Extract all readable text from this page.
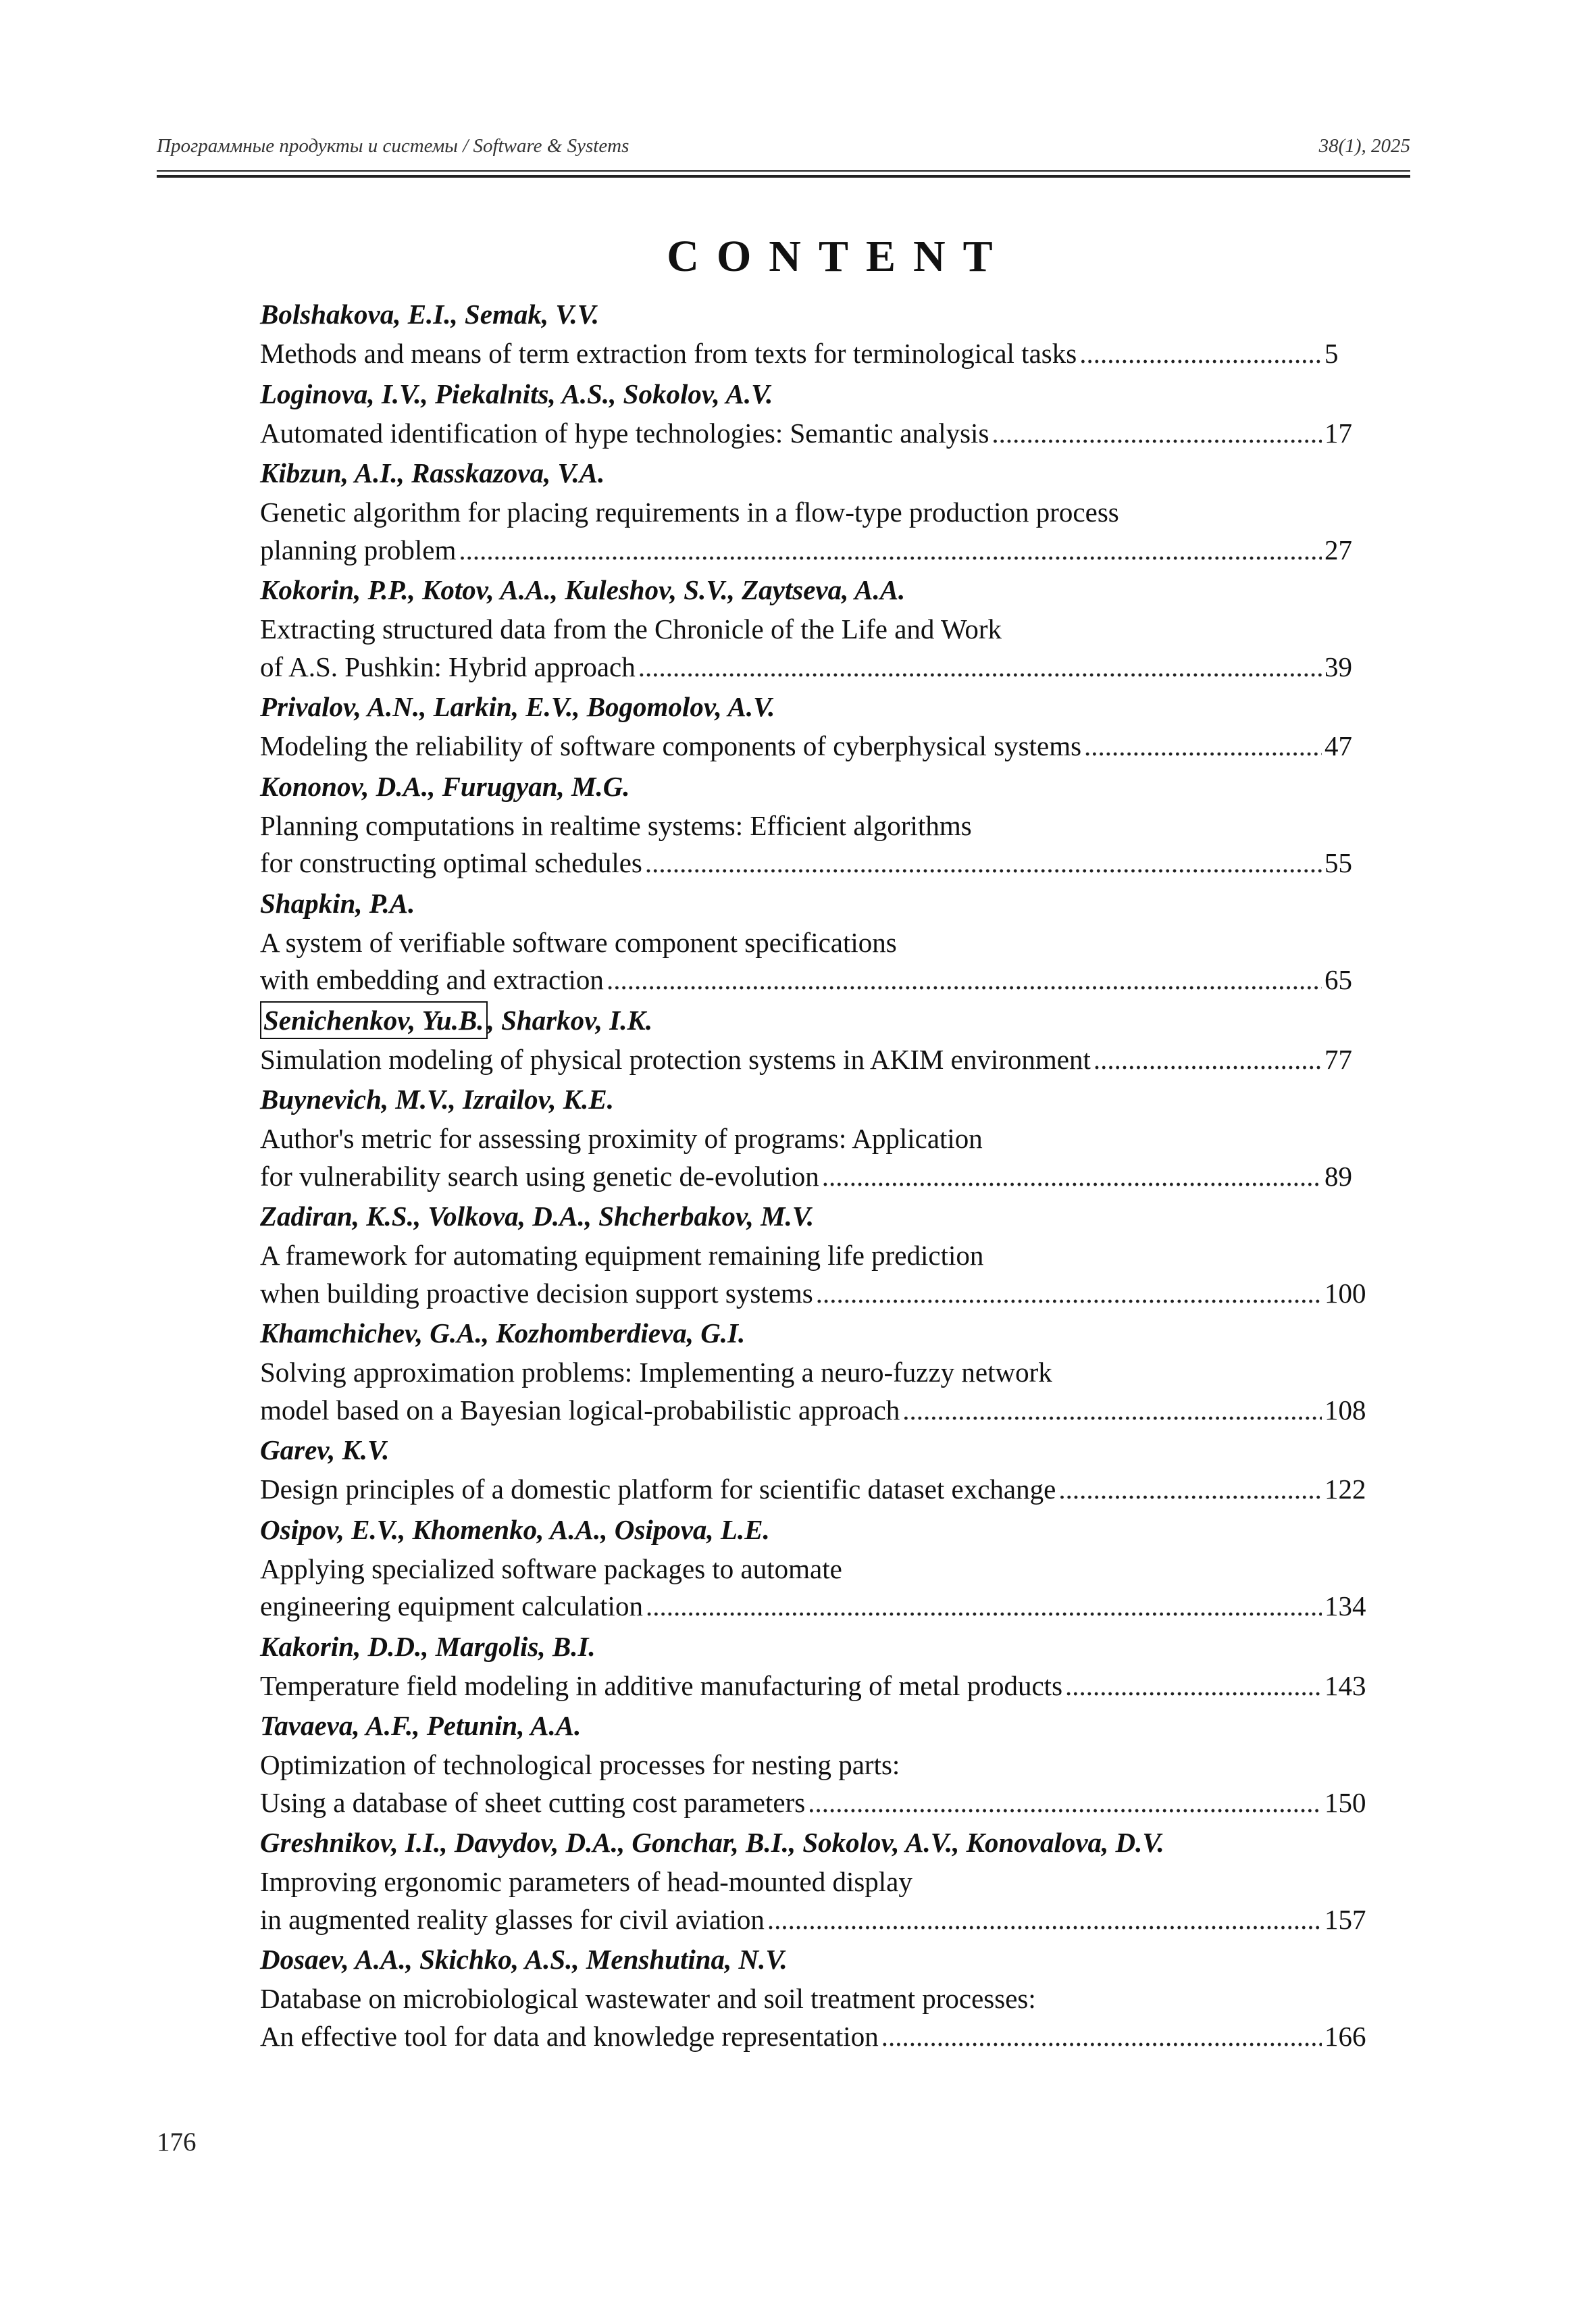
Программные продукты и системы / Software & Systems	38(1), 2025
CONTENT
Bolshakova, E.I., Semak, V.V.
Methods and means of term extraction from texts for terminological tasks .....	5
Loginova, I.V., Piekalnits, A.S., Sokolov, A.V.
Automated identification of hype technologies: Semantic analysis .....	17
Kibzun, A.I., Rasskazova, V.A.
Genetic algorithm for placing requirements in a flow-type production process
planning problem .....	27
Kokorin, P.P., Kotov, A.A., Kuleshov, S.V., Zaytseva, A.A.
Extracting structured data from the Chronicle of the Life and Work
of A.S. Pushkin: Hybrid approach .....	39
Privalov, A.N., Larkin, E.V., Bogomolov, A.V.
Modeling the reliability of software components of cyberphysical systems .....	47
Kononov, D.A., Furugyan, M.G.
Planning computations in realtime systems: Efficient algorithms
for constructing optimal schedules .....	55
Shapkin, P.A.
A system of verifiable software component specifications
with embedding and extraction .....	65
Senichenkov, Yu.B. , Sharkov, I.K.
Simulation modeling of physical protection systems in AKIM environment .....	77
Buynevich, M.V., Izrailov, K.E.
Author's metric for assessing proximity of programs: Application
for vulnerability search using genetic de-evolution .....	89
Zadiran, K.S., Volkova, D.A., Shcherbakov, M.V.
A framework for automating equipment remaining life prediction
when building proactive decision support systems .....	100
Khamchichev, G.A., Kozhomberdieva, G.I.
Solving approximation problems: Implementing a neuro-fuzzy network
model based on a Bayesian logical-probabilistic approach .....	108
Garev, K.V.
Design principles of a domestic platform for scientific dataset exchange .....	122
Osipov, E.V., Khomenko, A.A., Osipova, L.E.
Applying specialized software packages to automate
engineering equipment calculation .....	134
Kakorin, D.D., Margolis, B.I.
Temperature field modeling in additive manufacturing of metal products .....	143
Tavaeva, A.F., Petunin, A.A.
Optimization of technological processes for nesting parts:
Using a database of sheet cutting cost parameters .....	150
Greshnikov, I.I., Davydov, D.A., Gonchar, B.I., Sokolov, A.V., Konovalova, D.V.
Improving ergonomic parameters of head-mounted display
in augmented reality glasses for civil aviation .....	157
Dosaev, A.A., Skichko, A.S., Menshutina, N.V.
Database on microbiological wastewater and soil treatment processes:
An effective tool for data and knowledge representation .....	166
176
